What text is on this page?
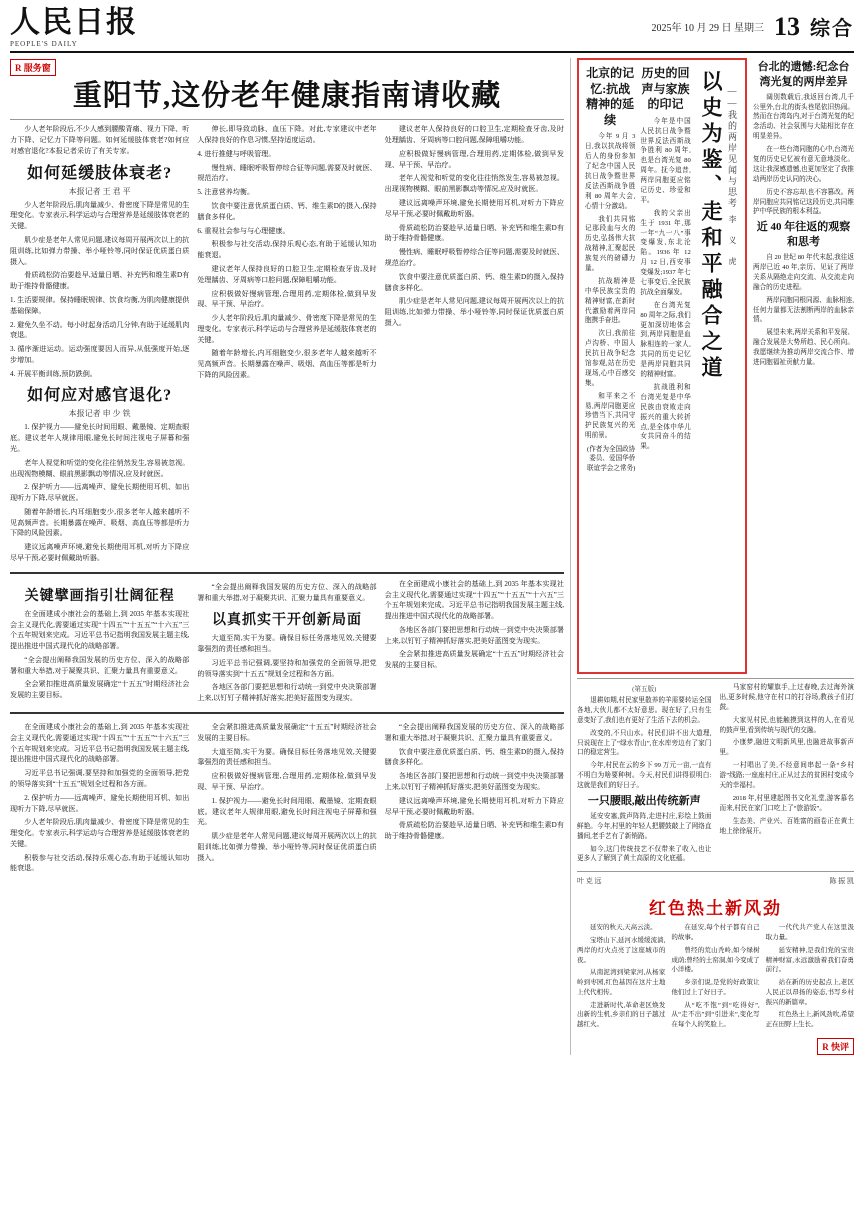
人民日报
PEOPLE'S DAILY
2025年 10 月 29 日 星期三 13 综合
R 服务窗
重阳节,这份老年健康指南请收藏

少人老年阶段后,不少人感到腰酸背痛、视力下降、听力下降、记忆力下降等问题。如何延缓肢体衰老?如何应对感官退化?本报记者采访了有关专家。

如何延缓肢体衰老?
本报记者 王 君 平

少人老年阶段后,肌肉量减少、骨密度下降是常见的生理变化。专家表示,科学运动与合理营养是延缓肢体衰老的关键。

肌少症是老年人常见问题,建议每周开展两次以上的抗阻训练,比如弹力带操、举小哑铃等,同时保证优质蛋白质摄入。

骨质疏松防治要趁早,适量日晒、补充钙和维生素D有助于维持骨骼健康。

1. 生活要规律。保持睡眠规律、饮食均衡,为肌肉健康提供基础保障。

2. 避免久坐不动。每小时起身活动几分钟,有助于延缓肌肉衰退。

3. 循序渐进运动。运动强度要因人而异,从低强度开始,逐步增加。

4. 开展平衡训练,预防跌倒。

如何应对感官退化?
本报记者 申 少 铁

1. 保护视力——避免长时间用眼、戴墨镜、定期查眼底。建议老年人规律用眼,避免长时间注视电子屏幕和强光。

老年人视觉和听觉的变化往往悄然发生,容易被忽视。出现视物模糊、眼前黑影飘动等情况,应及时就医。

2. 保护听力——远离噪声、避免长期使用耳机、如出现听力下降,尽早就医。

随着年龄增长,内耳细胞变少,很多老年人越来越听不见高频声音。长期暴露在噪声、吸烟、高血压等都是听力下降的风险因素。

建议远离噪声环境,避免长期使用耳机,对听力下降应尽早干预,必要时佩戴助听器。

伸长,即导致动脉、血压下降。对此,专家建议中老年人保持良好的作息习惯,坚持适度运动。

4. 进行推健与呼吸管理。

慢性病、睡眠呼吸暂停综合征等问题,需要及时就医、规范治疗。

5. 注意营养均衡。

饮食中要注意优质蛋白质、钙、维生素D的摄入,保持膳食多样化。

6. 重视社会参与与心理健康。

积极参与社交活动,保持乐观心态,有助于延缓认知功能衰退。

建议老年人保持良好的口腔卫生,定期检查牙齿,及时处理龋齿、牙周病等口腔问题,保障咀嚼功能。

应积极做好慢病管理,合理用药,定期体检,做到早发现、早干预、早治疗。

少人老年阶段后,肌肉量减少、骨密度下降是常见的生理变化。专家表示,科学运动与合理营养是延缓肢体衰老的关键。

随着年龄增长,内耳细胞变少,很多老年人越来越听不见高频声音。长期暴露在噪声、吸烟、高血压等都是听力下降的风险因素。

建议老年人保持良好的口腔卫生,定期检查牙齿,及时处理龋齿、牙周病等口腔问题,保障咀嚼功能。

应积极做好慢病管理,合理用药,定期体检,做到早发现、早干预、早治疗。

老年人视觉和听觉的变化往往悄然发生,容易被忽视。出现视物模糊、眼前黑影飘动等情况,应及时就医。

建议远离噪声环境,避免长期使用耳机,对听力下降应尽早干预,必要时佩戴助听器。

骨质疏松防治要趁早,适量日晒、补充钙和维生素D有助于维持骨骼健康。

慢性病、睡眠呼吸暂停综合征等问题,需要及时就医、规范治疗。

饮食中要注意优质蛋白质、钙、维生素D的摄入,保持膳食多样化。

肌少症是老年人常见问题,建议每周开展两次以上的抗阻训练,比如弹力带操、举小哑铃等,同时保证优质蛋白质摄入。

关键擘画指引壮阔征程

在全面建成小康社会的基础上,到 2035 年基本实现社会主义现代化,需要通过实现“十四五”“十五五”“十六五”三个五年规划来完成。习近平总书记指明我国发展主题主线,提出推进中国式现代化的战略部署。

“全会提出阐释我国发展的历史方位、深入的战略部署和重大举措,对于凝聚共识、汇聚力量具有重要意义。

全会紧扣推进高质量发展确定“十五五”时期经济社会发展的主要目标。

“全会提出阐释我国发展的历史方位、深入的战略部署和重大举措,对于凝聚共识、汇聚力量具有重要意义。

以真抓实干开创新局面

大道至简,实干为要。确保目标任务落地见效,关键要靠强烈的责任感和担当。

习近平总书记强调,要坚持和加强党的全面领导,把党的领导落实到“十五五”规划全过程和各方面。

各地区各部门要把思想和行动统一到党中央决策部署上来,以钉钉子精神抓好落实,把美好蓝图变为现实。

在全面建成小康社会的基础上,到 2035 年基本实现社会主义现代化,需要通过实现“十四五”“十五五”“十六五”三个五年规划来完成。习近平总书记指明我国发展主题主线,提出推进中国式现代化的战略部署。

各地区各部门要把思想和行动统一到党中央决策部署上来,以钉钉子精神抓好落实,把美好蓝图变为现实。

全会紧扣推进高质量发展确定“十五五”时期经济社会发展的主要目标。

在全面建成小康社会的基础上,到 2035 年基本实现社会主义现代化,需要通过实现“十四五”“十五五”“十六五”三个五年规划来完成。习近平总书记指明我国发展主题主线,提出推进中国式现代化的战略部署。

习近平总书记强调,要坚持和加强党的全面领导,把党的领导落实到“十五五”规划全过程和各方面。

2. 保护听力——远离噪声、避免长期使用耳机、如出现听力下降,尽早就医。

少人老年阶段后,肌肉量减少、骨密度下降是常见的生理变化。专家表示,科学运动与合理营养是延缓肢体衰老的关键。

积极参与社交活动,保持乐观心态,有助于延缓认知功能衰退。

全会紧扣推进高质量发展确定“十五五”时期经济社会发展的主要目标。

大道至简,实干为要。确保目标任务落地见效,关键要靠强烈的责任感和担当。

应积极做好慢病管理,合理用药,定期体检,做到早发现、早干预、早治疗。

1. 保护视力——避免长时间用眼、戴墨镜、定期查眼底。建议老年人规律用眼,避免长时间注视电子屏幕和强光。

肌少症是老年人常见问题,建议每周开展两次以上的抗阻训练,比如弹力带操、举小哑铃等,同时保证优质蛋白质摄入。

“全会提出阐释我国发展的历史方位、深入的战略部署和重大举措,对于凝聚共识、汇聚力量具有重要意义。

饮食中要注意优质蛋白质、钙、维生素D的摄入,保持膳食多样化。

各地区各部门要把思想和行动统一到党中央决策部署上来,以钉钉子精神抓好落实,把美好蓝图变为现实。

建议远离噪声环境,避免长期使用耳机,对听力下降应尽早干预,必要时佩戴助听器。

骨质疏松防治要趁早,适量日晒、补充钙和维生素D有助于维持骨骼健康。

以史为鉴、走和平融合之道 ——我的两岸见闻与思考
李 义 虎
北京的记忆:抗战精神的延续

今年 9 月 3 日,我以抗战将领后人的身份参加了纪念中国人民抗日战争暨世界反法西斯战争胜利 80 周年大会,心情十分激动。

我们共同铭记那段血与火的历史,弘扬伟大抗战精神,汇聚起民族复兴的磅礴力量。

抗战精神是中华民族宝贵的精神财富,在新时代激励着两岸同胞携手奋进。

次日,我前往卢沟桥、中国人民抗日战争纪念馆参观,站在历史现场,心中百感交集。

和平来之不易,两岸同胞更应珍惜当下,共同守护民族复兴的光明前景。

(作者为全国政协委员、爱国华侨联谊学会之常务)
历史的回声与家族的印记

今年是中国人民抗日战争暨世界反法西斯战争胜利 80 周年,也是台湾光复 80 周年。抚今追昔,两岸同胞更应铭记历史、珍爱和平。

我的父亲出生于 1931 年,那一年“九一八”事变爆发,东北沦陷。1936 年 12 月 12 日,西安事变爆发;1937 年七七事变后,全民族抗战全面爆发。

在台湾光复 80 周年之际,我们更加深切地体会到,两岸同胞是血脉相连的一家人,共同的历史记忆是两岸同胞共同的精神财富。

抗战胜利和台湾光复是中华民族由衰败走向振兴的重大转折点,是全体中华儿女共同奋斗的结果。

台北的遗憾:纪念台湾光复的两岸差异

阔别数载后,我返回台湾,几千公里外,台北的街头巷尾依旧热闹。然而在台湾岛内,对于台湾光复的纪念活动、社会氛围与大陆相比存在明显差异。

在一些台湾同胞的心中,台湾光复的历史记忆被有意无意地淡化。这让我深感遗憾,也更加坚定了我推动两岸历史认同的决心。

历史不容忘却,也不容篡改。两岸同胞应共同铭记这段历史,共同维护中华民族的根本利益。

近 40 年往返的观察和思考

自 20 世纪 80 年代末起,我往返两岸已近 40 年,亲历、见证了两岸关系从隔绝走向交流、从交流走向融合的历史进程。

两岸同胞同根同源、血脉相连,任何力量都无法割断两岸的血脉亲情。

展望未来,两岸关系和平发展、融合发展是大势所趋、民心所向。我愿继续为推动两岸交流合作、增进同胞福祉贡献力量。

(第五版)

退耕如期,村民家里散养的羊需要转运全国各地,大伙儿都不太好意思。现在好了,只有生意变好了,我们也有更好了生活下去的机会。

改变的,不只山水。村民们讲不出大道理,只说现在上了“绿水青山”,在水库旁边有了家门口的稳定营生。

今年,村民在云的乡下 99 万元一亩,一直有不明白为啥要种树。今天,村民们讲得很明白:这就是我们的好日子。

一只腰眼,敲出传统新声

延安安塞,鼓声阵阵,走进村庄,彩绘上鼓面鲜艳。今年,村里的年轻人把腰鼓敲上了网络直播间,老手艺有了新销路。

如今,这门传统技艺不仅带来了收入,也让更多人了解到了黄土高原的文化底蕴。

马家窑村的耀旗手,上过春晚,去过海外演出,更多时候,他守在村口的打谷场,教孩子们打鼓。

大家见村民,也能触摸到这样的人,在看见的鼓声里,看到传统与现代的交融。

小康梦,融进文明新风里,也融进故事新声里。

一村唱出了美,不经意间串起一条“乡村游”线路;一座座村庄,正从过去的贫困村变成今天的幸福村。

2018 年,村里建起图书文化礼堂,游客慕名而来,村民在家门口吃上了“旅游饭”。

生态美、产业兴、百姓富的画卷正在黄土地上徐徐展开。

叶 克 远	陈 振 凯
红色热土新风劲

延安的秋天,天高云淡。

宝塔山下,延河水缓缓流淌,两岸的灯火点亮了这座城市的夜。

从南泥湾到梁家河,从杨家岭到枣园,红色基因在这片土地上代代相传。

走进新时代,革命老区焕发出新的生机,乡亲们的日子越过越红火。

在延安,每个村子都有自己的故事。

曾经的荒山秃岭,如今绿树成荫;曾经的土窑洞,如今变成了小洋楼。

乡亲们说,是党的好政策让他们过上了好日子。

从“吃不饱”到“吃得好”,从“走不出”到“引进来”,变化写在每个人的笑脸上。

一代代共产党人在这里汲取力量。

延安精神,是我们党的宝贵精神财富,永远激励着我们奋勇前行。

站在新的历史起点上,老区人民正以昂扬的姿态,书写乡村振兴的新篇章。

红色热土上,新风劲吹,希望正在田野上生长。

R 快评
